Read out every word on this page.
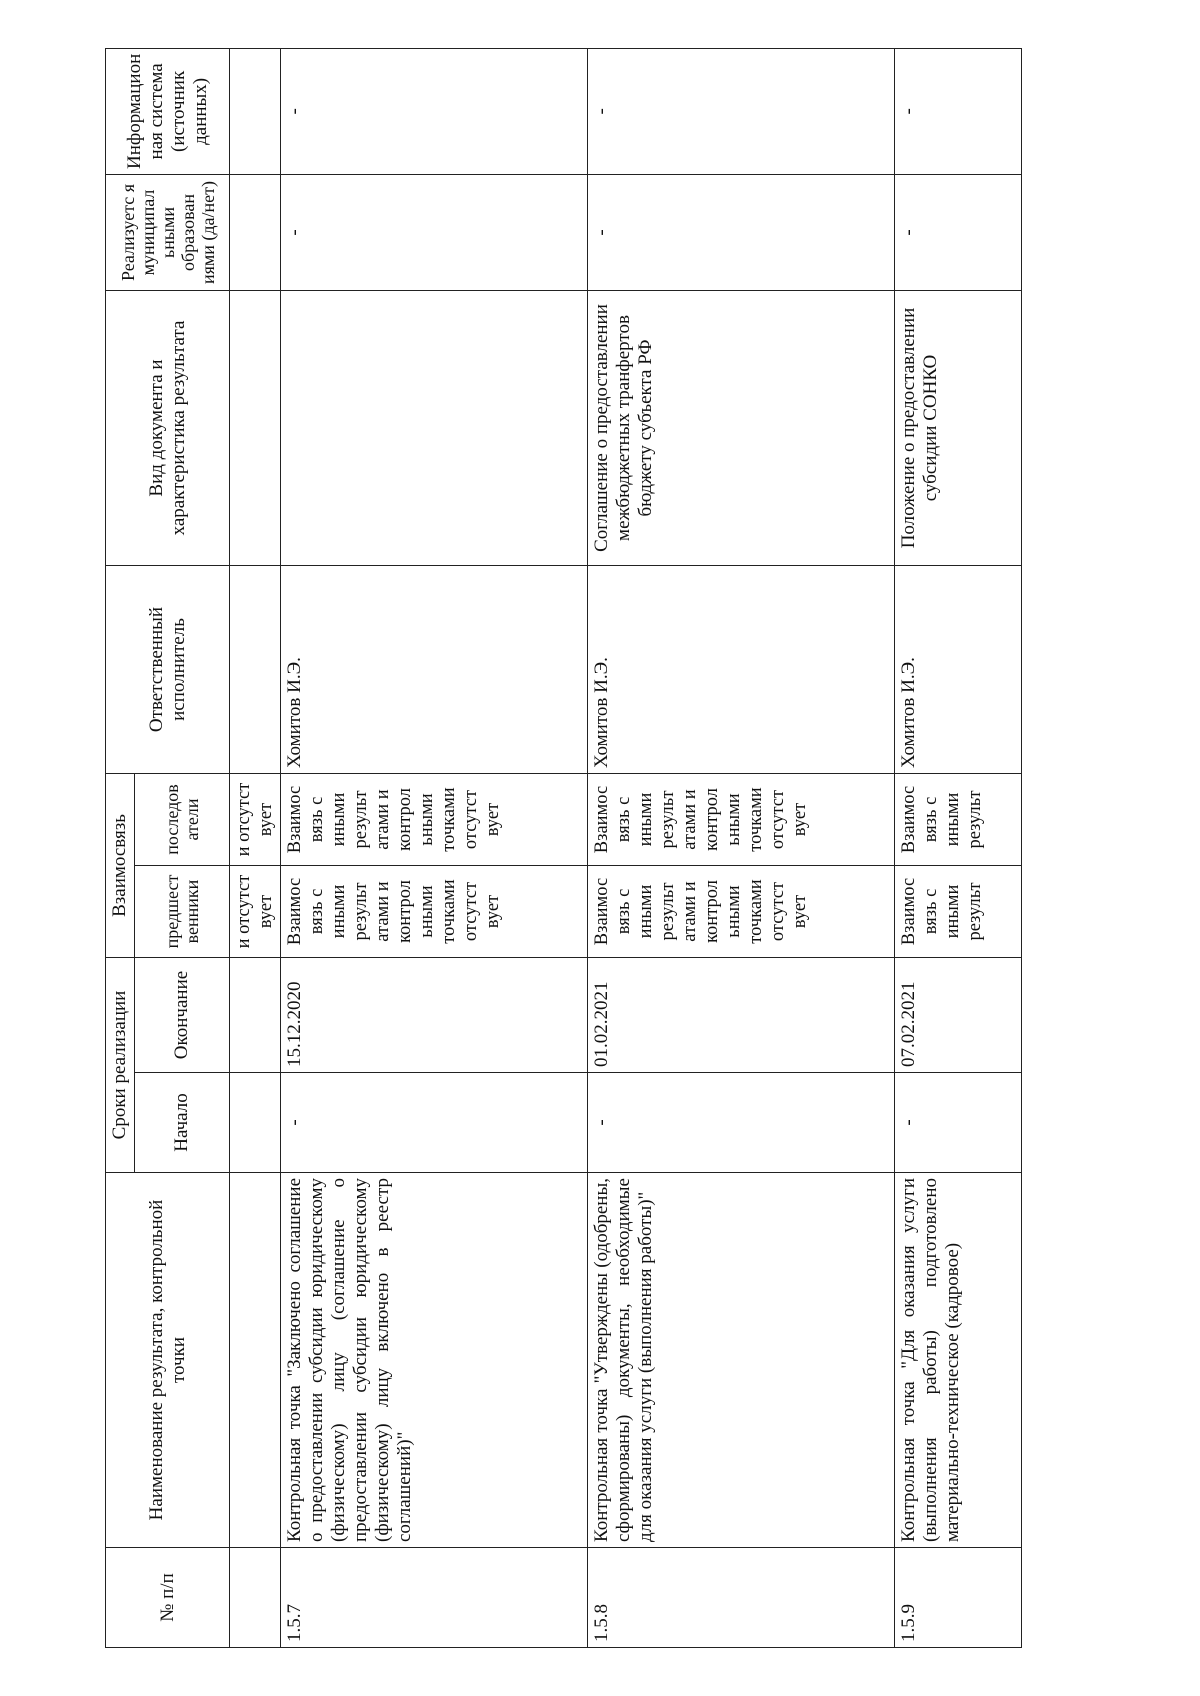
№ п/п	Наименование результата, контрольной точки	Сроки реализации		Взаимосвязь		Ответственный исполнитель	Вид документа и характеристика результата	Реализуетс я муниципал ьными образован иями (да/нет)	Информацион ная система (источник данных)
		Начало	Окончание	предшест венники	последов атели				
				и отсутст вует	и отсутст вует				
1.5.7	Контрольная точка "Заключено соглашение о предоставлении субсидии юридическому (физическому) лицу (соглашение о предоставлении субсидии юридическому (физическому) лицу включено в реестр соглашений)"	-	15.12.2020	Взаимос вязь с иными результ атами и контрол ьными точками отсутст вует	Взаимос вязь с иными результ атами и контрол ьными точками отсутст вует	Хомитов И.Э.		-	-
1.5.8	Контрольная точка "Утверждены (одобрены, сформированы) документы, необходимые для оказания услуги (выполнения работы)"	-	01.02.2021	Взаимос вязь с иными результ атами и контрол ьными точками отсутст вует	Взаимос вязь с иными результ атами и контрол ьными точками отсутст вует	Хомитов И.Э.	Соглашение о предоставлении межбюджетных транфертов бюджету субъекта РФ	-	-
1.5.9	Контрольная точка "Для оказания услуги (выполнения работы) подготовлено материально-техническое (кадровое)	-	07.02.2021	Взаимос вязь с иными результ	Взаимос вязь с иными результ	Хомитов И.Э.	Положение о предоставлении субсидии СОНКО	-	-
